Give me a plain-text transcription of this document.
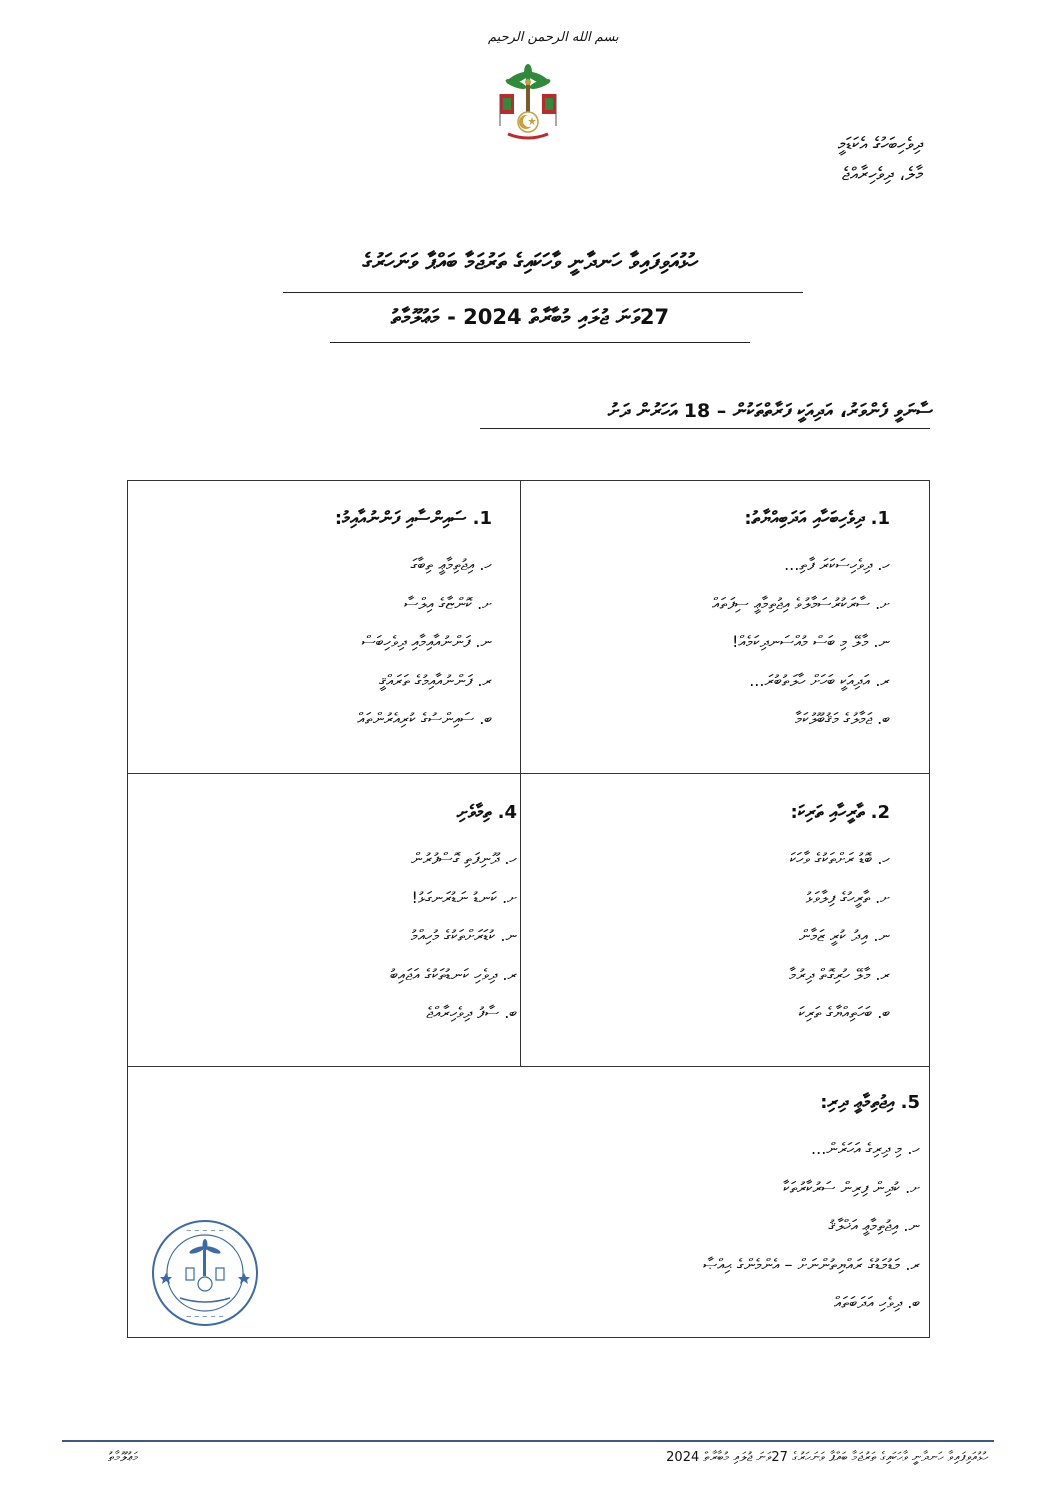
بسم الله الرحمن الرحيم
ދިވެހިބަހުގެ އެކަޑަމީ
މާލެ، ދިވެހިރާއްޖެ
ހުޅުއަވިފައިވާ ހަނދާނީ ވާހަކައިގެ ތަރުޖަމާ ބައްޕާ ވަނަހަރުގެ
27ވަނަ ޖުލައި މުބާރާތް 2024 - މަޢުލޫމާތު
ސާނަވީ ފެންވަރު، އަދިއަކީ ފަރާތްތަކުން – 18 އަހަރުން ދަށު
1. ދިވެހިބަހާއި އަދަބިއްޔާތު:
ހ. ދިވެހިސަކަރަ ފާތި...
ށ. ސާރަކުރުސަމާލުވެ އިޖުތިމާޢީ ސިފަތައް
ނ. މާލޭ މި ބަސް މުއްސަނދިކަމެއް!
ރ. އަދިއަކީ ބަހަށް ހާލަތުބުރަ...
ބ. ޖަމާލުގެ މަޤުބޫލުކަމާ
1. ސައިންސާއި ފަންނުއާއިމު:
ހ. އިޖުތިމާޢީ ތިބާގަ
ށ. ކޮންޏާގެ އިލްސާ
ނ. ފަންނުއާއިމާއި ދިވެހިބަސް
ރ. ފަންނުއާއިމުގެ ތަރައްޤީ
ބ. ސައިންސުގެ ކުރިއެރުންތައް
2. ތާރީހާއި ތަރިކަ:
ހ. ބޮޑު ރަށްތަކުގެ ވާހަކަ
ށ. ތާރީހުގެ ފިލާވަޅު
ނ. އިދު ކުރީ ޒަމާން
ރ. މާލޭ ހުރިގޮތް ދިރުމާ
ބ. ބަހަތިއްޔާގެ ތަރިކަ
4. ތިމާވެށި
ހ. ދޫނިފަތި ގޮސްފުރުން
ށ. ކަނޑު ނަޑުރަނގަޅު!
ނ. ކުޑަރަށްތަކުގެ މުހިއްމު
ރ. ދިވެހި ކަނޑުތަކުގެ އަޖައިބު
ބ. ސާފު ދިވެހިރާއްޖެ
5. އިޖުތިމާޢީ ދިރި:
ހ. މި ދިރިގެ އަހަރެން...
ށ. ކުދިން ފިރިން ސަރުކާރުތަކާ
ނ. އިޖުތިމާޢީ އަޚްލާޤު
ރ. މަޑުމަޑުގެ ރައްޔިތުންނަށް – އެންމެންގެ ޙިއްޞާ
ބ. ދިވެހި އަދަބަތައް
~ ~ ~ ~ ~
~ ~ ~ ~ ~
ހުޅުއަވިފައިވާ ހަނދާނީ ވާހަކައިގެ ތަރުޖަމާ ބައްޕާ ވަނަހަރުގެ 27ވަނަ ޖުލައި މުބާރާތް 2024
މަޢުލޫމާތު
